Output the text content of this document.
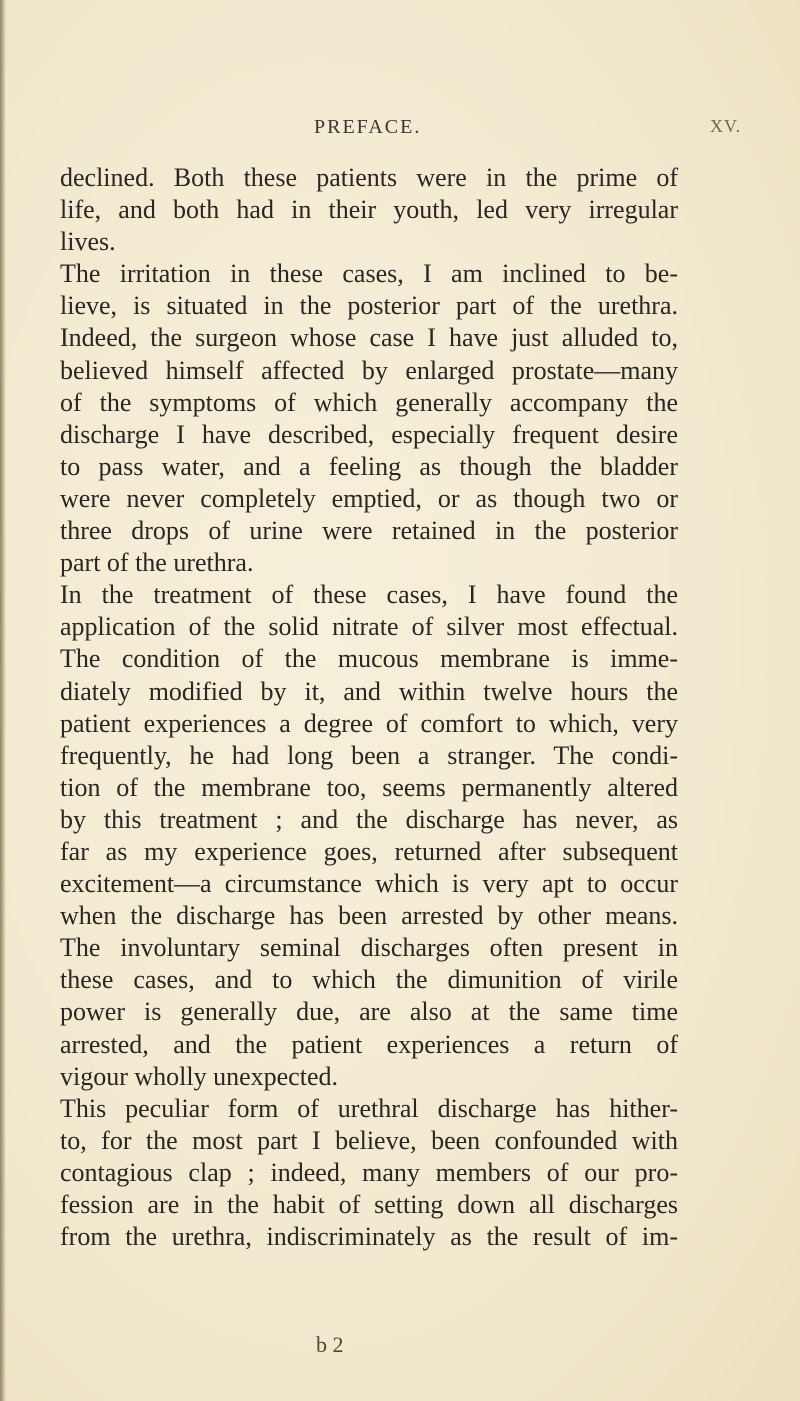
PREFACE.	XV.
declined. Both these patients were in the prime of
life, and both had in their youth, led very irregular
lives.
The irritation in these cases, I am inclined to be-
lieve, is situated in the posterior part of the urethra.
Indeed, the surgeon whose case I have just alluded to,
believed himself affected by enlarged prostate—many
of the symptoms of which generally accompany the
discharge I have described, especially frequent desire
to pass water, and a feeling as though the bladder
were never completely emptied, or as though two or
three drops of urine were retained in the posterior
part of the urethra.
In the treatment of these cases, I have found the
application of the solid nitrate of silver most effectual.
The condition of the mucous membrane is imme-
diately modified by it, and within twelve hours the
patient experiences a degree of comfort to which, very
frequently, he had long been a stranger. The condi-
tion of the membrane too, seems permanently altered
by this treatment ; and the discharge has never, as
far as my experience goes, returned after subsequent
excitement—a circumstance which is very apt to occur
when the discharge has been arrested by other means.
The involuntary seminal discharges often present in
these cases, and to which the dimunition of virile
power is generally due, are also at the same time
arrested, and the patient experiences a return of
vigour wholly unexpected.
This peculiar form of urethral discharge has hither-
to, for the most part I believe, been confounded with
contagious clap ; indeed, many members of our pro-
fession are in the habit of setting down all discharges
from the urethra, indiscriminately as the result of im-
b 2
